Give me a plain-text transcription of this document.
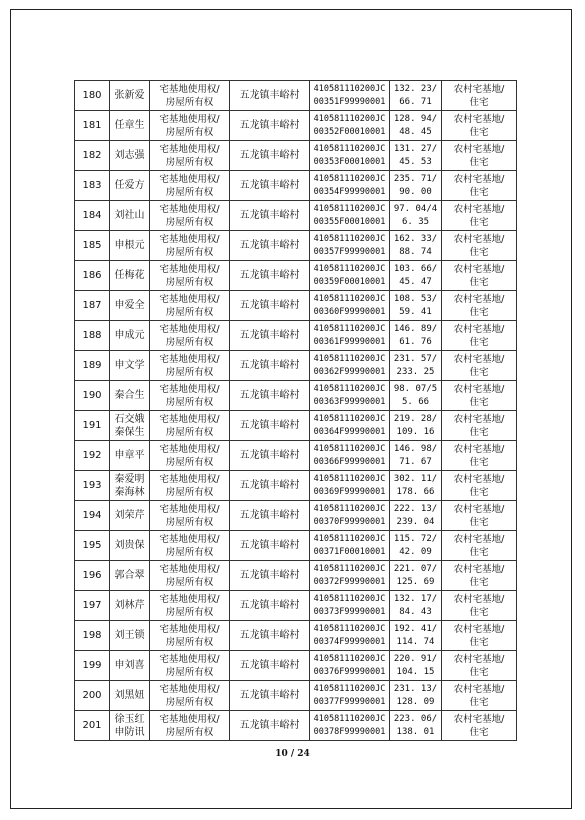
180	张新爱	宅基地使用权/
房屋所有权	五龙镇丰峪村	410581110200JC
00351F99990001	132. 23/
66. 71	农村宅基地/
住宅

181	任章生	宅基地使用权/
房屋所有权	五龙镇丰峪村	410581110200JC
00352F00010001	128. 94/
48. 45	农村宅基地/
住宅

182	刘志强	宅基地使用权/
房屋所有权	五龙镇丰峪村	410581110200JC
00353F00010001	131. 27/
45. 53	农村宅基地/
住宅

183	任爱方	宅基地使用权/
房屋所有权	五龙镇丰峪村	410581110200JC
00354F99990001	235. 71/
90. 00	农村宅基地/
住宅

184	刘社山	宅基地使用权/
房屋所有权	五龙镇丰峪村	410581110200JC
00355F00010001	97. 04/4
6. 35	农村宅基地/
住宅

185	申根元	宅基地使用权/
房屋所有权	五龙镇丰峪村	410581110200JC
00357F99990001	162. 33/
88. 74	农村宅基地/
住宅

186	任梅花	宅基地使用权/
房屋所有权	五龙镇丰峪村	410581110200JC
00359F00010001	103. 66/
45. 47	农村宅基地/
住宅

187	申爱全	宅基地使用权/
房屋所有权	五龙镇丰峪村	410581110200JC
00360F99990001	108. 53/
59. 41	农村宅基地/
住宅

188	申成元	宅基地使用权/
房屋所有权	五龙镇丰峪村	410581110200JC
00361F99990001	146. 89/
61. 76	农村宅基地/
住宅

189	申文学	宅基地使用权/
房屋所有权	五龙镇丰峪村	410581110200JC
00362F99990001	231. 57/
233. 25	农村宅基地/
住宅

190	秦合生	宅基地使用权/
房屋所有权	五龙镇丰峪村	410581110200JC
00363F99990001	98. 07/5
5. 66	农村宅基地/
住宅

191	石交娥
秦保生	宅基地使用权/
房屋所有权	五龙镇丰峪村	410581110200JC
00364F99990001	219. 28/
109. 16	农村宅基地/
住宅

192	申章平	宅基地使用权/
房屋所有权	五龙镇丰峪村	410581110200JC
00366F99990001	146. 98/
71. 67	农村宅基地/
住宅

193	秦爱明
秦海林	宅基地使用权/
房屋所有权	五龙镇丰峪村	410581110200JC
00369F99990001	302. 11/
178. 66	农村宅基地/
住宅

194	刘荣芹	宅基地使用权/
房屋所有权	五龙镇丰峪村	410581110200JC
00370F99990001	222. 13/
239. 04	农村宅基地/
住宅

195	刘贵保	宅基地使用权/
房屋所有权	五龙镇丰峪村	410581110200JC
00371F00010001	115. 72/
42. 09	农村宅基地/
住宅

196	郭合翠	宅基地使用权/
房屋所有权	五龙镇丰峪村	410581110200JC
00372F99990001	221. 07/
125. 69	农村宅基地/
住宅

197	刘林芹	宅基地使用权/
房屋所有权	五龙镇丰峪村	410581110200JC
00373F99990001	132. 17/
84. 43	农村宅基地/
住宅

198	刘王锁	宅基地使用权/
房屋所有权	五龙镇丰峪村	410581110200JC
00374F99990001	192. 41/
114. 74	农村宅基地/
住宅

199	申刘喜	宅基地使用权/
房屋所有权	五龙镇丰峪村	410581110200JC
00376F99990001	220. 91/
104. 15	农村宅基地/
住宅

200	刘黑妞	宅基地使用权/
房屋所有权	五龙镇丰峪村	410581110200JC
00377F99990001	231. 13/
128. 09	农村宅基地/
住宅

201	徐玉红
申防讯	宅基地使用权/
房屋所有权	五龙镇丰峪村	410581110200JC
00378F99990001	223. 06/
138. 01	农村宅基地/
住宅
10 / 24
